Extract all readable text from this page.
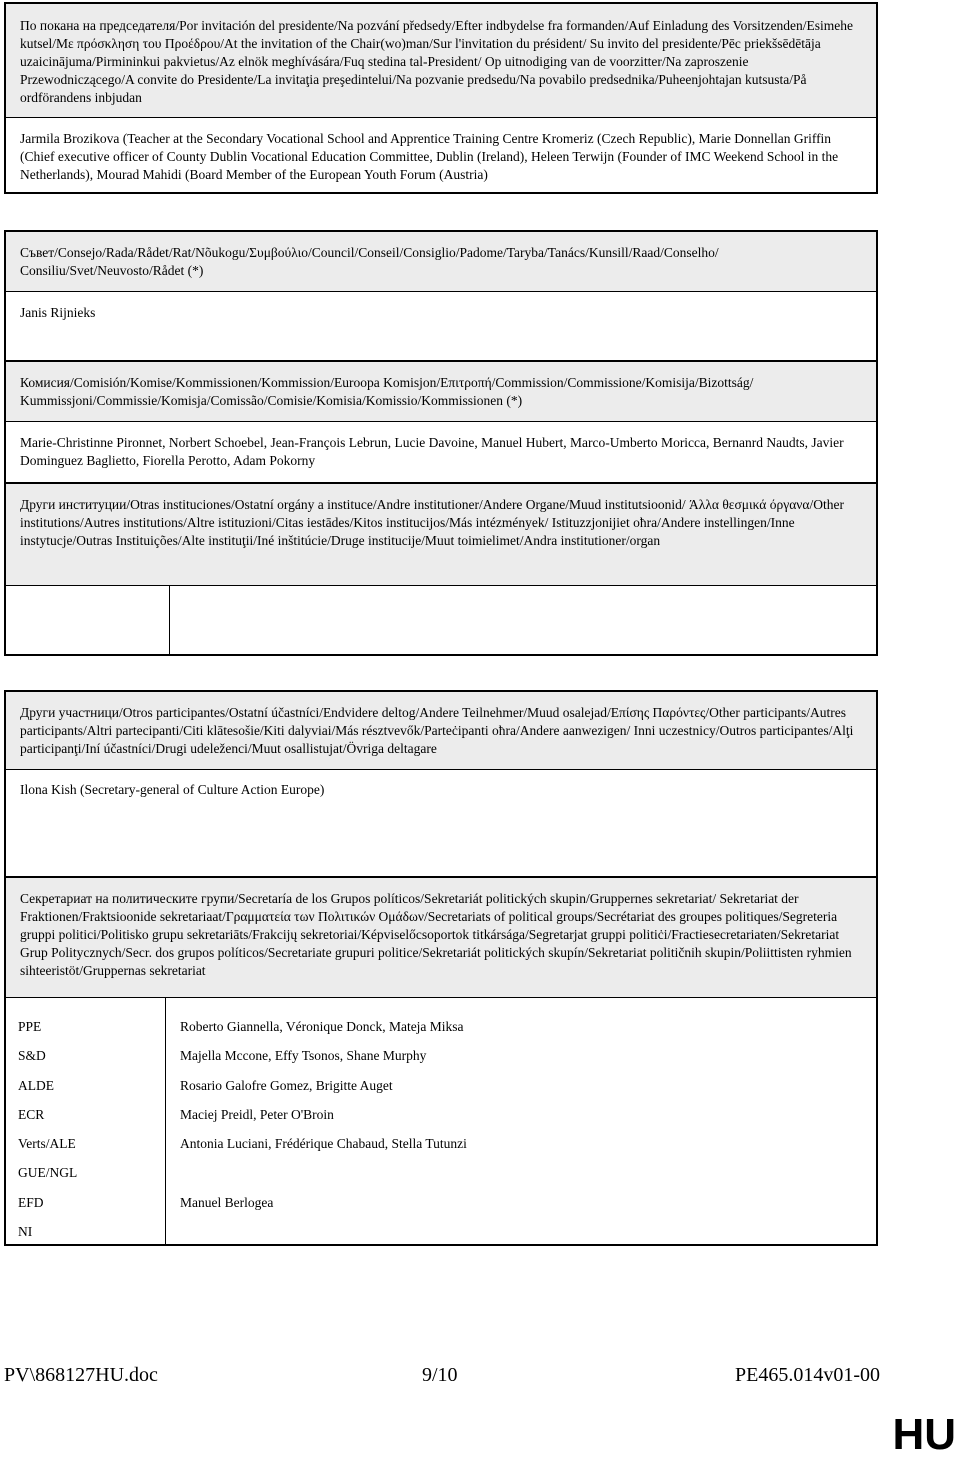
По покана на председателя/Por invitación del presidente/Na pozvání předsedy/Efter indbydelse fra formanden/Auf Einladung des Vorsitzenden/Esimehe kutsel/Με πρόσκληση του Προέδρου/At the invitation of the Chair(wo)man/Sur l'invitation du président/ Su invito del presidente/Pēc priekšsēdētāja uzaicinājuma/Pirmininkui pakvietus/Az elnök meghívására/Fuq stedina tal-President/ Op uitnodiging van de voorzitter/Na zaproszenie Przewodniczącego/A convite do Presidente/La invitaţia preşedintelui/Na pozvanie predsedu/Na povabilo predsednika/Puheenjohtajan kutsusta/På ordförandens inbjudan
Jarmila Brozikova (Teacher at the Secondary Vocational School and Apprentice Training Centre Kromeriz (Czech Republic), Marie Donnellan Griffin (Chief executive officer of County Dublin Vocational Education Committee, Dublin (Ireland), Heleen Terwijn (Founder of IMC Weekend School in the Netherlands), Mourad Mahidi (Board Member of the European Youth Forum (Austria)
Съвет/Consejo/Rada/Rådet/Rat/Nõukogu/Συμβούλιο/Council/Conseil/Consiglio/Padome/Taryba/Tanács/Kunsill/Raad/Conselho/ Consiliu/Svet/Neuvosto/Rådet (*)
Janis Rijnieks
Комисия/Comisión/Komise/Kommissionen/Kommission/Euroopa Komisjon/Επιτροπή/Commission/Commissione/Komisija/Bizottság/ Kummissjoni/Commissie/Komisja/Comissão/Comisie/Komisia/Komissio/Kommissionen (*)
Marie-Christinne Pironnet, Norbert Schoebel, Jean-François Lebrun, Lucie Davoine, Manuel Hubert, Marco-Umberto Moricca, Bernanrd Naudts, Javier Dominguez Baglietto, Fiorella Perotto, Adam Pokorny
Други институции/Otras instituciones/Ostatní orgány a instituce/Andre institutioner/Andere Organe/Muud institutsioonid/ Άλλα θεσμικά όργανα/Other institutions/Autres institutions/Altre istituzioni/Citas iestādes/Kitos institucijos/Más intézmények/ Istituzzjonijiet oħra/Andere instellingen/Inne instytucje/Outras Instituições/Alte instituţii/Iné inštitúcie/Druge institucije/Muut toimielimet/Andra institutioner/organ
Други участници/Otros participantes/Ostatní účastníci/Endvidere deltog/Andere Teilnehmer/Muud osalejad/Επίσης Παρόντες/Other participants/Autres participants/Altri partecipanti/Citi klātesošie/Kiti dalyviai/Más résztvevők/Parteċipanti oħra/Andere aanwezigen/ Inni uczestnicy/Outros participantes/Alţi participanţi/Iní účastníci/Drugi udeleženci/Muut osallistujat/Övriga deltagare
Ilona Kish (Secretary-general of Culture Action Europe)
Секретариат на политическите групи/Secretaría de los Grupos políticos/Sekretariát politických skupin/Gruppernes sekretariat/ Sekretariat der Fraktionen/Fraktsioonide sekretariaat/Γραμματεία των Πολιτικών Ομάδων/Secretariats of political groups/Secrétariat des groupes politiques/Segreteria gruppi politici/Politisko grupu sekretariāts/Frakcijų sekretoriai/Képviselőcsoportok titkársága/Segretarjat gruppi politiċi/Fractiesecretariaten/Sekretariat Grup Politycznych/Secr. dos grupos políticos/Secretariate grupuri politice/Sekretariát politických skupín/Sekretariat političnih skupin/Poliittisten ryhmien sihteeristöt/Gruppernas sekretariat
PPE
S&D
ALDE
ECR
Verts/ALE
GUE/NGL
EFD
NI
Roberto Giannella, Véronique Donck, Mateja Miksa
Majella Mccone, Effy Tsonos, Shane Murphy
Rosario Galofre Gomez, Brigitte Auget
Maciej Preidl, Peter O'Broin
Antonia Luciani, Frédérique Chabaud, Stella Tutunzi
Manuel Berlogea
PV\868127HU.doc	9/10	PE465.014v01-00
HU
